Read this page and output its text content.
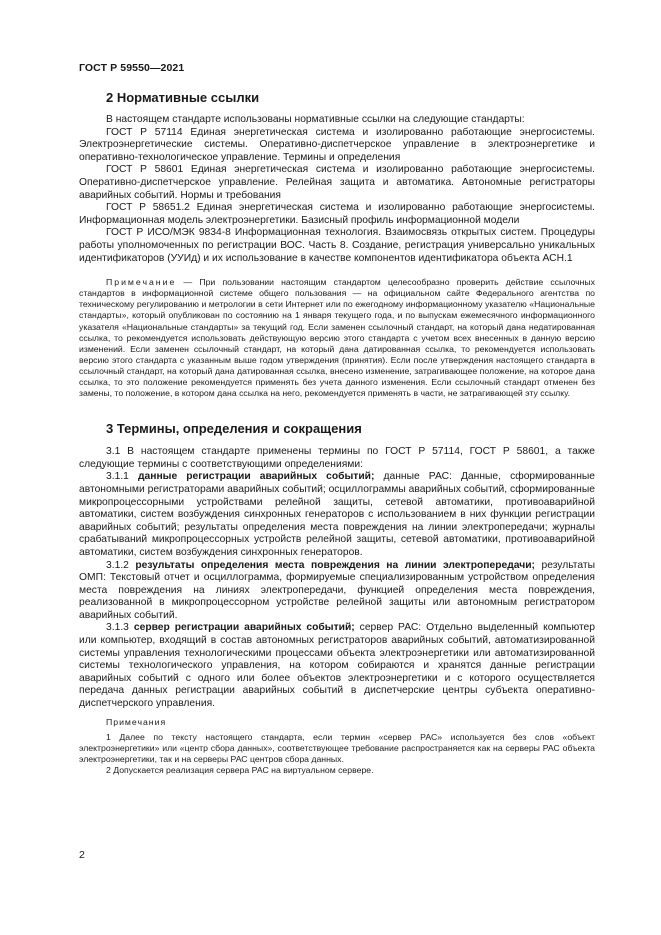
ГОСТ Р 59550—2021
2 Нормативные ссылки

В настоящем стандарте использованы нормативные ссылки на следующие стандарты:

ГОСТ Р 57114 Единая энергетическая система и изолированно работающие энергосистемы. Электроэнергетические системы. Оперативно-диспетчерское управление в электроэнергетике и оперативно-технологическое управление. Термины и определения

ГОСТ Р 58601 Единая энергетическая система и изолированно работающие энергосистемы. Оперативно-диспетчерское управление. Релейная защита и автоматика. Автономные регистраторы аварийных событий. Нормы и требования

ГОСТ Р 58651.2 Единая энергетическая система и изолированно работающие энергосистемы. Информационная модель электроэнергетики. Базисный профиль информационной модели

ГОСТ Р ИСО/МЭК 9834-8 Информационная технология. Взаимосвязь открытых систем. Процедуры работы уполномоченных по регистрации ВОС. Часть 8. Создание, регистрация универсально уникальных идентификаторов (УУИд) и их использование в качестве компонентов идентификатора объекта АСН.1

Примечание — При пользовании настоящим стандартом целесообразно проверить действие ссылочных стандартов в информационной системе общего пользования — на официальном сайте Федерального агентства по техническому регулированию и метрологии в сети Интернет или по ежегодному информационному указателю «Национальные стандарты», который опубликован по состоянию на 1 января текущего года, и по выпускам ежемесячного информационного указателя «Национальные стандарты» за текущий год. Если заменен ссылочный стандарт, на который дана недатированная ссылка, то рекомендуется использовать действующую версию этого стандарта с учетом всех внесенных в данную версию изменений. Если заменен ссылочный стандарт, на который дана датированная ссылка, то рекомендуется использовать версию этого стандарта с указанным выше годом утверждения (принятия). Если после утверждения настоящего стандарта в ссылочный стандарт, на который дана датированная ссылка, внесено изменение, затрагивающее положение, на которое дана ссылка, то это положение рекомендуется применять без учета данного изменения. Если ссылочный стандарт отменен без замены, то положение, в котором дана ссылка на него, рекомендуется применять в части, не затрагивающей эту ссылку.

3 Термины, определения и сокращения

3.1 В настоящем стандарте применены термины по ГОСТ Р 57114, ГОСТ Р 58601, а также следующие термины с соответствующими определениями:

3.1.1 данные регистрации аварийных событий; данные РАС: Данные, сформированные автономными регистраторами аварийных событий; осциллограммы аварийных событий, сформированные микропроцессорными устройствами релейной защиты, сетевой автоматики, противоаварийной автоматики, систем возбуждения синхронных генераторов с использованием в них функции регистрации аварийных событий; результаты определения места повреждения на линии электропередачи; журналы срабатываний микропроцессорных устройств релейной защиты, сетевой автоматики, противоаварийной автоматики, систем возбуждения синхронных генераторов.

3.1.2 результаты определения места повреждения на линии электропередачи; результаты ОМП: Текстовый отчет и осциллограмма, формируемые специализированным устройством определения места повреждения на линиях электропередачи, функцией определения места повреждения, реализованной в микропроцессорном устройстве релейной защиты или автономным регистратором аварийных событий.

3.1.3 сервер регистрации аварийных событий; сервер РАС: Отдельно выделенный компьютер или компьютер, входящий в состав автономных регистраторов аварийных событий, автоматизированной системы управления технологическими процессами объекта электроэнергетики или автоматизированной системы технологического управления, на котором собираются и хранятся данные регистрации аварийных событий с одного или более объектов электроэнергетики и с которого осуществляется передача данных регистрации аварийных событий в диспетчерские центры субъекта оперативно-диспетчерского управления.

Примечания

1 Далее по тексту настоящего стандарта, если термин «сервер РАС» используется без слов «объект электроэнергетики» или «центр сбора данных», соответствующее требование распространяется как на серверы РАС объекта электроэнергетики, так и на серверы РАС центров сбора данных.

2 Допускается реализация сервера РАС на виртуальном сервере.

2
